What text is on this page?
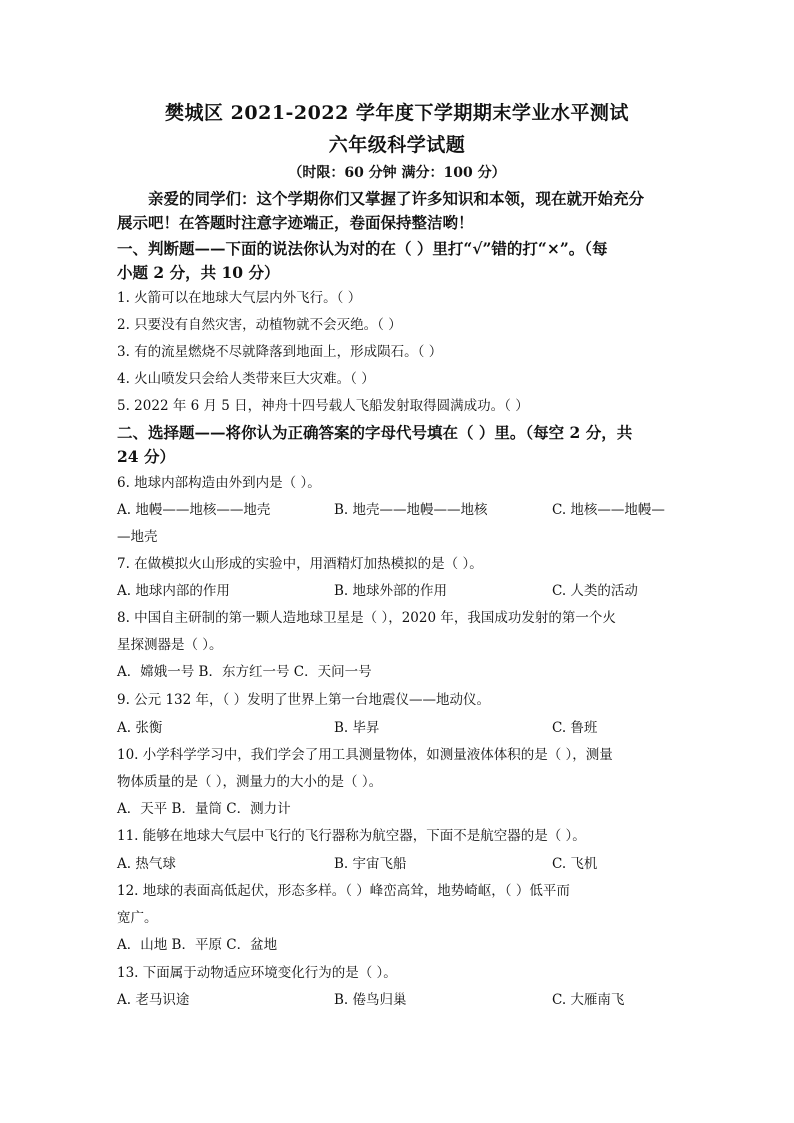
樊城区 2021-2022 学年度下学期期末学业水平测试
六年级科学试题
（时限：60 分钟 满分：100 分）
亲爱的同学们：这个学期你们又掌握了许多知识和本领，现在就开始充分
展示吧！在答题时注意字迹端正，卷面保持整洁哟！
一、判断题——下面的说法你认为对的在（ ）里打“√”错的打“×”。（每
小题 2 分，共 10 分）
1. 火箭可以在地球大气层内外飞行。（ ）
2. 只要没有自然灾害，动植物就不会灭绝。（ ）
3. 有的流星燃烧不尽就降落到地面上，形成陨石。（ ）
4. 火山喷发只会给人类带来巨大灾难。（ ）
5. 2022 年 6 月 5 日，神舟十四号载人飞船发射取得圆满成功。（ ）
二、选择题——将你认为正确答案的字母代号填在（ ）里。（每空 2 分，共
24 分）
6. 地球内部构造由外到内是（ ）。
A. 地幔——地核——地壳	B. 地壳——地幔——地核	C. 地核——地幔—
—地壳
7. 在做模拟火山形成的实验中，用酒精灯加热模拟的是（ ）。
A. 地球内部的作用	B. 地球外部的作用	C. 人类的活动
8. 中国自主研制的第一颗人造地球卫星是（ ），2020 年，我国成功发射的第一个火
星探测器是（ ）。
A．嫦娥一号 B．东方红一号 C．天问一号
9. 公元 132 年，（ ）发明了世界上第一台地震仪——地动仪。
A. 张衡	B. 毕昇	C. 鲁班
10. 小学科学学习中，我们学会了用工具测量物体，如测量液体体积的是（ ），测量
物体质量的是（ ），测量力的大小的是（ ）。
A．天平 B．量筒 C．测力计
11. 能够在地球大气层中飞行的飞行器称为航空器，下面不是航空器的是（ ）。
A. 热气球	B. 宇宙飞船	C. 飞机
12. 地球的表面高低起伏，形态多样。（ ）峰峦高耸，地势崎岖，（ ）低平而
宽广。
A．山地 B．平原 C．盆地
13. 下面属于动物适应环境变化行为的是（ ）。
A. 老马识途	B. 倦鸟归巢	C. 大雁南飞
